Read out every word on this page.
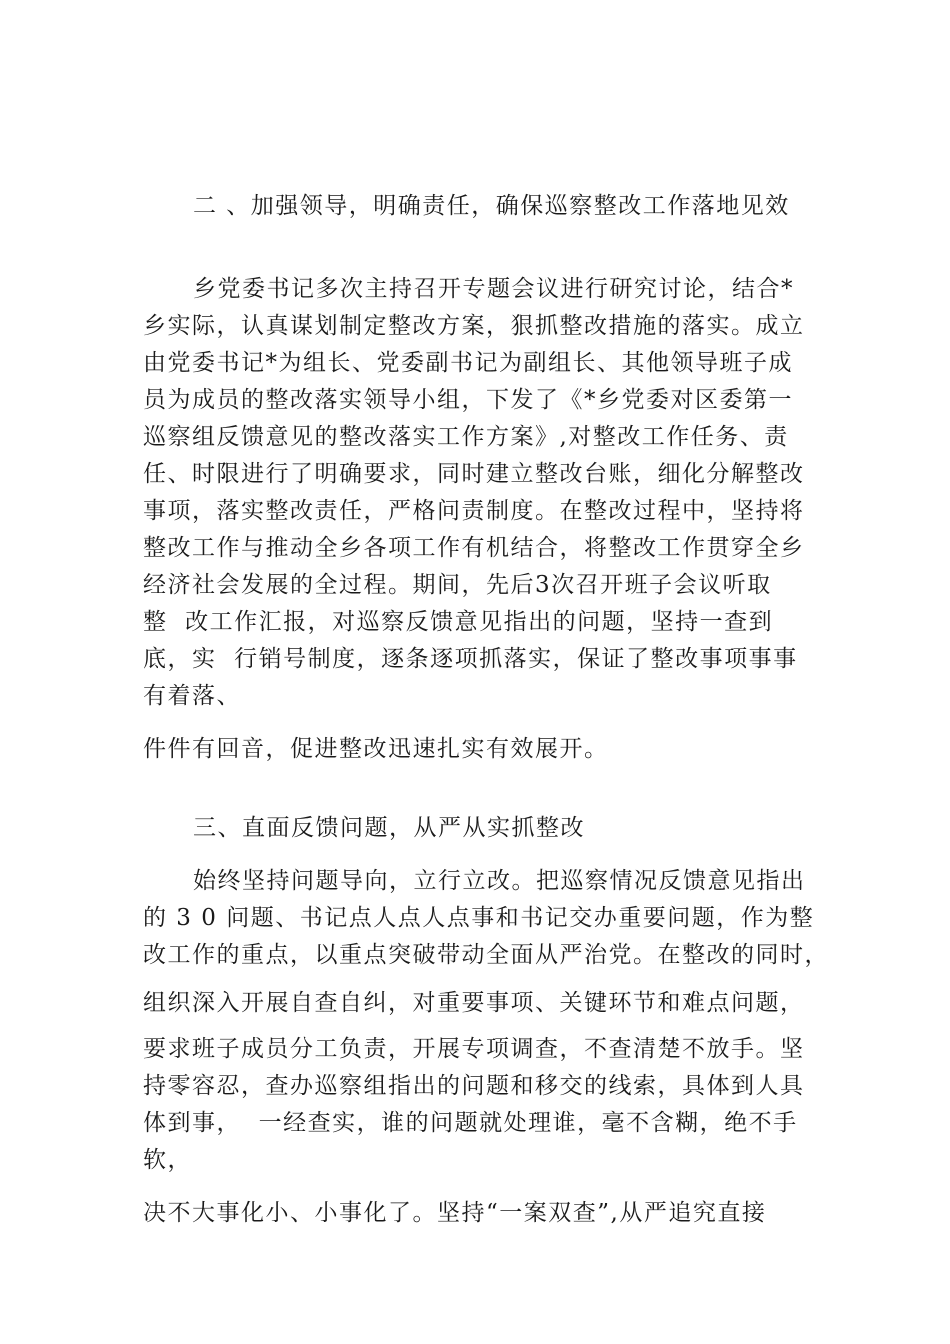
二 、加强领导，明确责任，确保巡察整改工作落地见效
乡党委书记多次主持召开专题会议进行研究讨论，结合*
乡实际，认真谋划制定整改方案，狠抓整改措施的落实。成立
由党委书记*为组长、党委副书记为副组长、其他领导班子成
员为成员的整改落实领导小组，下发了《*乡党委对区委第一
巡察组反馈意见的整改落实工作方案》,对整改工作任务、责
任、时限进行了明确要求，同时建立整改台账，细化分解整改
事项，落实整改责任，严格问责制度。在整改过程中，坚持将
整改工作与推动全乡各项工作有机结合，将整改工作贯穿全乡
经济社会发展的全过程。期间，先后3次召开班子会议听取
整  改工作汇报，对巡察反馈意见指出的问题，坚持一查到
底，实  行销号制度，逐条逐项抓落实，保证了整改事项事事
有着落、
件件有回音，促进整改迅速扎实有效展开。
三、直面反馈问题，从严从实抓整改
始终坚持问题导向，立行立改。把巡察情况反馈意见指出
的 3 0 问题、书记点人点人点事和书记交办重要问题，作为整
改工作的重点，以重点突破带动全面从严治党。在整改的同时，
组织深入开展自查自纠，对重要事项、关键环节和难点问题，
要求班子成员分工负责，开展专项调查，不查清楚不放手。坚
持零容忍，查办巡察组指出的问题和移交的线索，具体到人具
体到事，  一经查实，谁的问题就处理谁，毫不含糊，绝不手
软，
决不大事化小、小事化了。坚持“一案双查”,从严追究直接
